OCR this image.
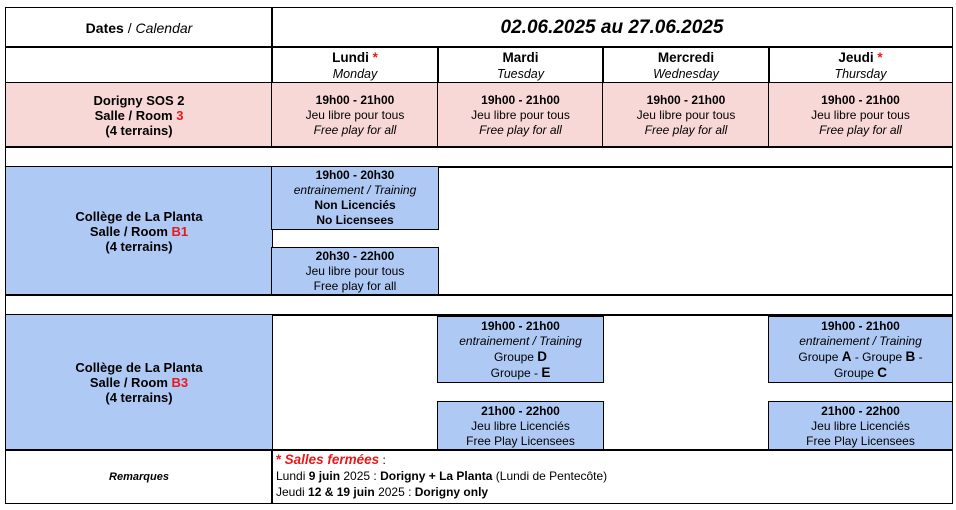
Dates / Calendar	02.06.2025 au 27.06.2025
Lundi *
Monday
Mardi
Tuesday
Mercredi
Wednesday
Jeudi *
Thursday
Dorigny SOS 2
Salle / Room 3
(4 terrains)
19h00 - 21h00
Jeu libre pour tous
Free play for all
19h00 - 21h00
Jeu libre pour tous
Free play for all
19h00 - 21h00
Jeu libre pour tous
Free play for all
19h00 - 21h00
Jeu libre pour tous
Free play for all
Collège de La Planta
Salle / Room B1
(4 terrains)
19h00 - 20h30
entrainement / Training
Non Licenciés
No Licensees
20h30 - 22h00
Jeu libre pour tous
Free play for all
Collège de La Planta
Salle / Room B3
(4 terrains)
19h00 - 21h00
entrainement / Training
Groupe D
Groupe - E
21h00 - 22h00
Jeu libre Licenciés
Free Play Licensees
19h00 - 21h00
entrainement / Training
Groupe A - Groupe B -
Groupe C
21h00 - 22h00
Jeu libre Licenciés
Free Play Licensees
Remarques
* Salles fermées :
Lundi 9 juin 2025 : Dorigny + La Planta (Lundi de Pentecôte)
Jeudi 12 & 19 juin 2025 : Dorigny only
